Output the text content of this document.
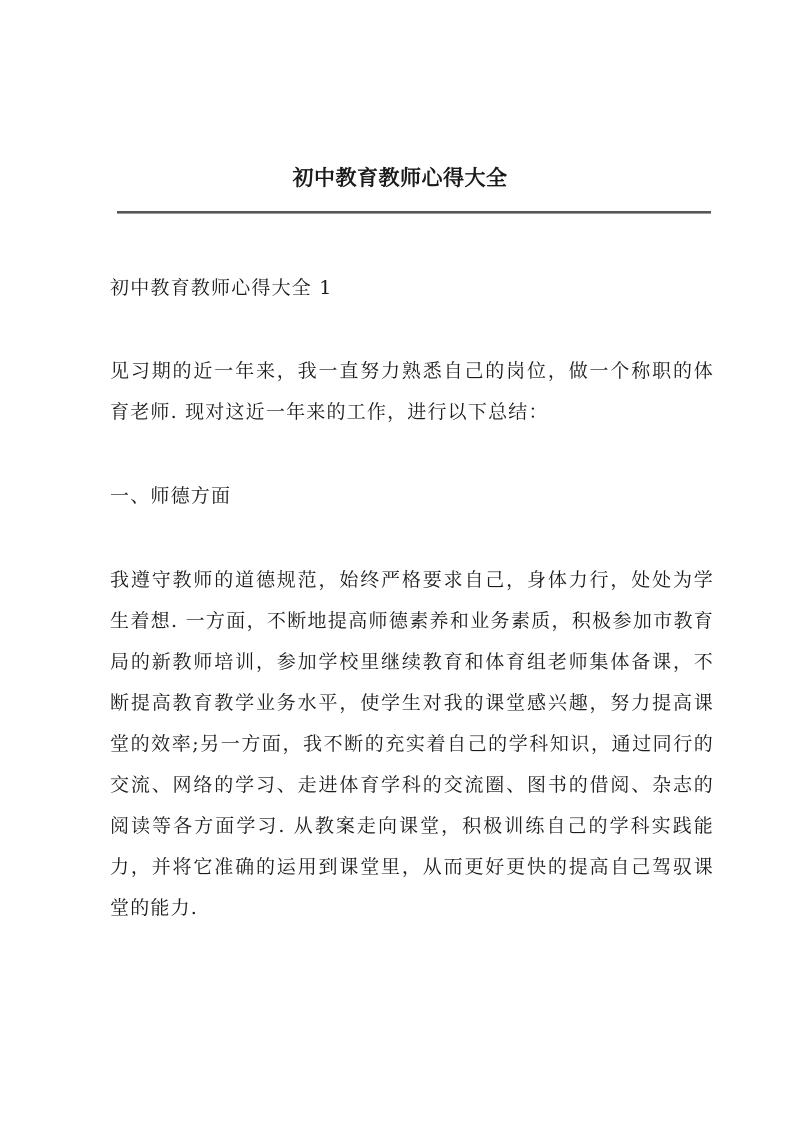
初中教育教师心得大全

初中教育教师心得大全 1

见习期的近一年来，我一直努力熟悉自己的岗位，做一个称职的体育老师. 现对这近一年来的工作，进行以下总结：

一、师德方面

我遵守教师的道德规范，始终严格要求自己，身体力行，处处为学生着想. 一方面，不断地提高师德素养和业务素质，积极参加市教育局的新教师培训，参加学校里继续教育和体育组老师集体备课，不断提高教育教学业务水平，使学生对我的课堂感兴趣，努力提高课堂的效率;另一方面，我不断的充实着自己的学科知识，通过同行的交流、网络的学习、走进体育学科的交流圈、图书的借阅、杂志的阅读等各方面学习. 从教案走向课堂，积极训练自己的学科实践能力，并将它准确的运用到课堂里，从而更好更快的提高自己驾驭课堂的能力.
